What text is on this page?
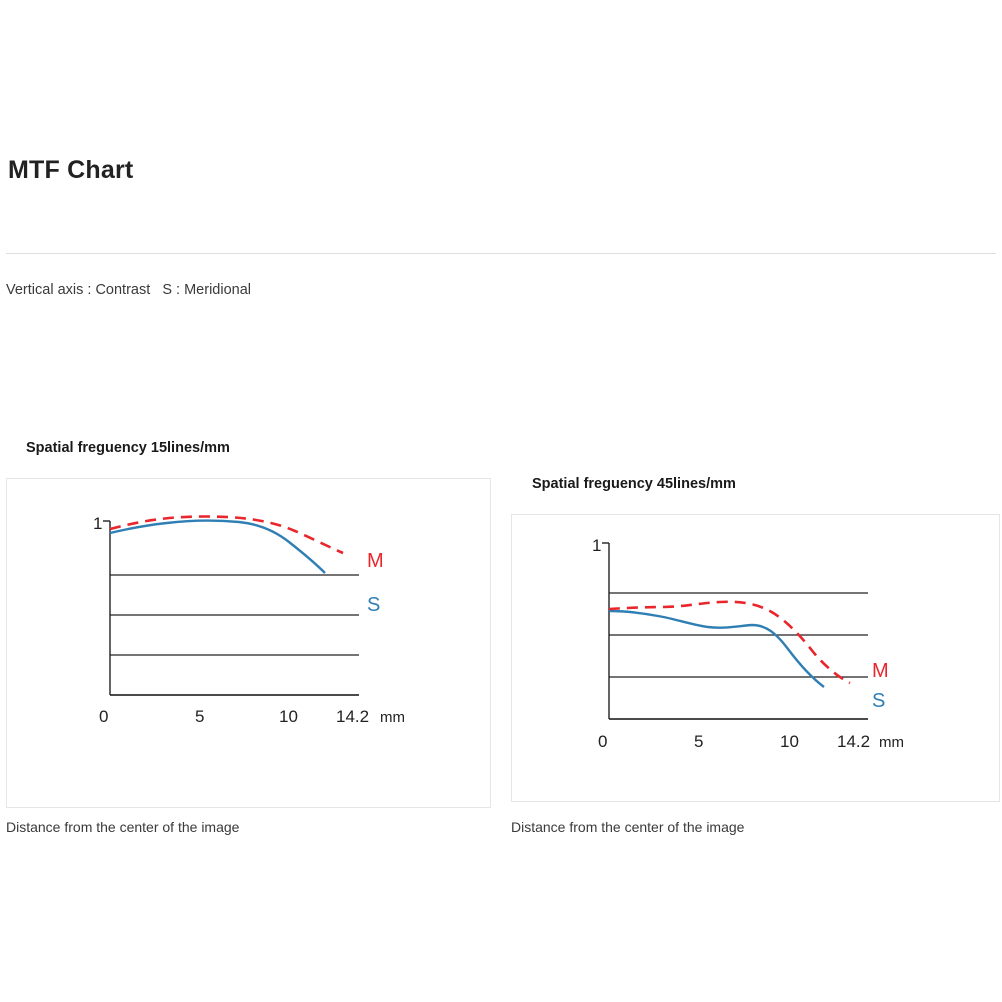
MTF Chart
Vertical axis : Contrast   S : Meridional
Spatial freguency 15lines/mm
1
0	5	10 14.2 mm
M
S
Distance from the center of the image
Spatial freguency 45lines/mm
1
0	5	10 14.2 mm
M
S
Distance from the center of the image
